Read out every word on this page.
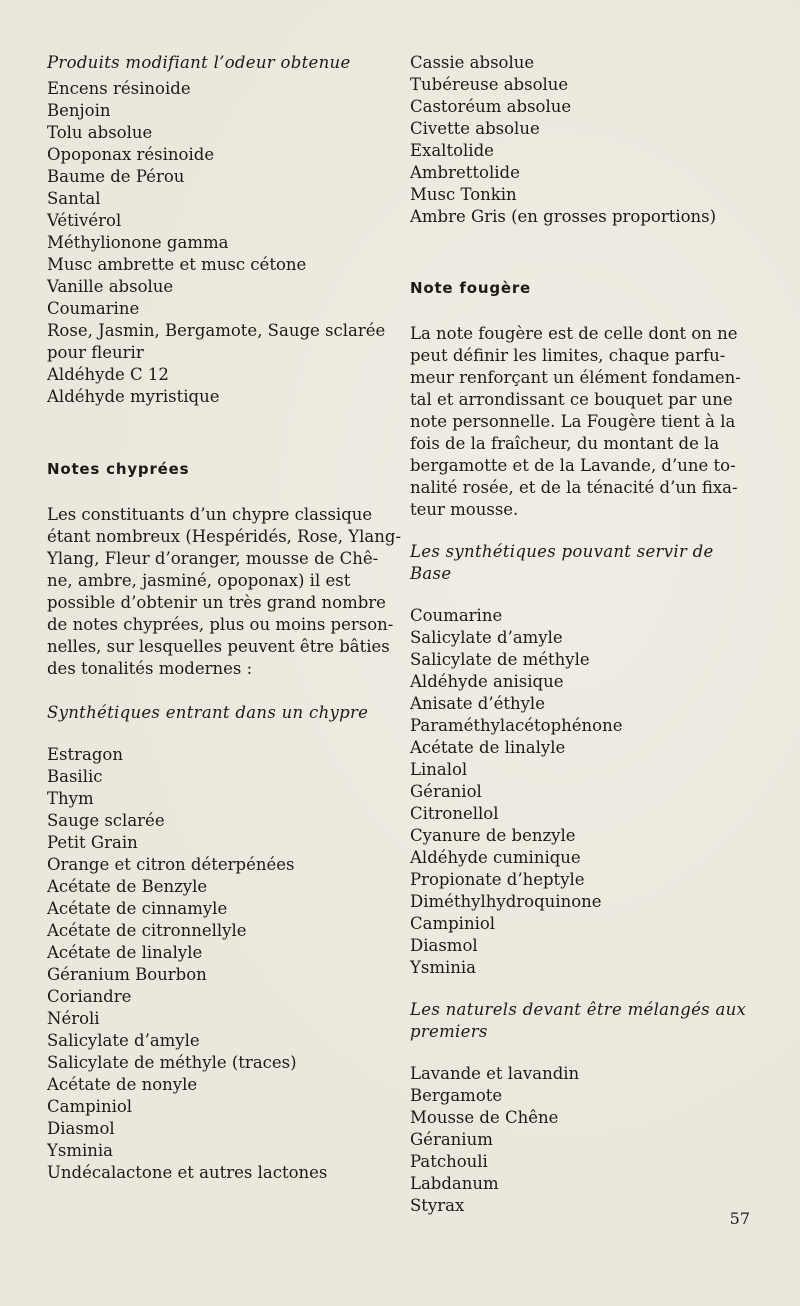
Produits modifiant l’odeur obtenue
Encens résinoide
Benjoin
Tolu absolue
Opoponax résinoide
Baume de Pérou
Santal
Vétivérol
Méthylionone gamma
Musc ambrette et musc cétone
Vanille absolue
Coumarine
Rose, Jasmin, Bergamote, Sauge sclarée
pour fleurir
Aldéhyde C 12
Aldéhyde myristique
Notes chyprées
Les constituants d’un chypre classique
étant nombreux (Hespéridés, Rose, Ylang-
Ylang, Fleur d’oranger, mousse de Chê-
ne, ambre, jasminé, opoponax) il est
possible d’obtenir un très grand nombre
de notes chyprées, plus ou moins person-
nelles, sur lesquelles peuvent être bâties
des tonalités modernes :
Synthétiques entrant dans un chypre
Estragon
Basilic
Thym
Sauge sclarée
Petit Grain
Orange et citron déterpénées
Acétate de Benzyle
Acétate de cinnamyle
Acétate de citronnellyle
Acétate de linalyle
Géranium Bourbon
Coriandre
Néroli
Salicylate d’amyle
Salicylate de méthyle (traces)
Acétate de nonyle
Campiniol
Diasmol
Ysminia
Undécalactone et autres lactones
Cassie absolue
Tubéreuse absolue
Castoréum absolue
Civette absolue
Exaltolide
Ambrettolide
Musc Tonkin
Ambre Gris (en grosses proportions)
Note fougère
La note fougère est de celle dont on ne
peut définir les limites, chaque parfu-
meur renforçant un élément fondamen-
tal et arrondissant ce bouquet par une
note personnelle. La Fougère tient à la
fois de la fraîcheur, du montant de la
bergamotte et de la Lavande, d’une to-
nalité rosée, et de la ténacité d’un fixa-
teur mousse.
Les synthétiques pouvant servir de Base
Coumarine
Salicylate d’amyle
Salicylate de méthyle
Aldéhyde anisique
Anisate d’éthyle
Paraméthylacétophénone
Acétate de linalyle
Linalol
Géraniol
Citronellol
Cyanure de benzyle
Aldéhyde cuminique
Propionate d’heptyle
Diméthylhydroquinone
Campiniol
Diasmol
Ysminia
Les naturels devant être mélangés aux
premiers
Lavande et lavandin
Bergamote
Mousse de Chêne
Géranium
Patchouli
Labdanum
Styrax
57
